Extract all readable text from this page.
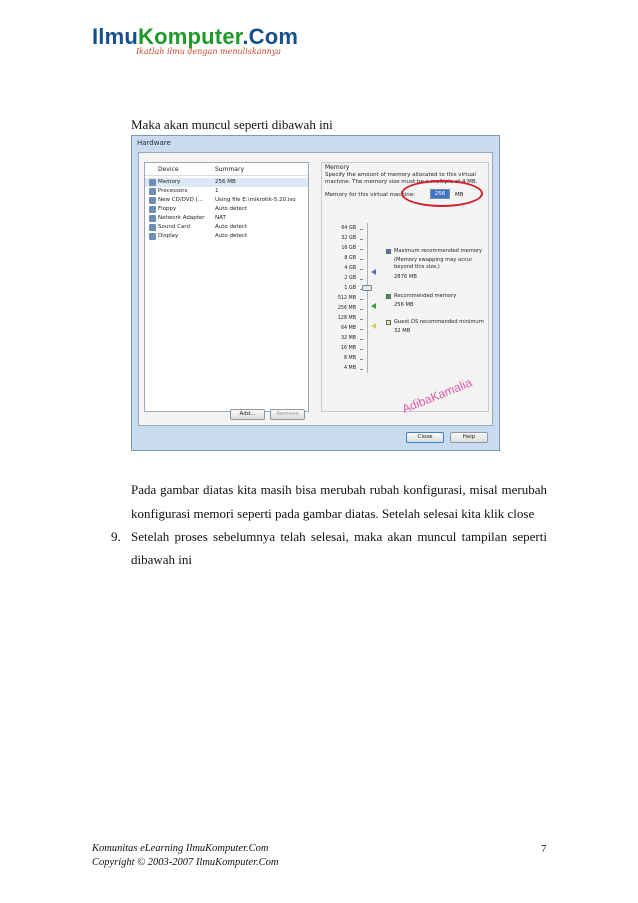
IlmuKomputer.Com
Ikatlah ilmu dengan menuliskannya
Maka akan muncul seperti dibawah ini
Hardware
Device	Summary
Memory	256 MB
Processors	1
New CD/DVD (...	Using file E:\mikrotik-5.20.iso
Floppy	Auto detect
Network Adapter	NAT
Sound Card	Auto detect
Display	Auto detect
Add...	Remove
Memory
Specify the amount of memory allocated to this virtual machine. The memory size must be a multiple of 4 MB.
Memory for this virtual machine:	256	MB
64 GB
32 GB
16 GB
8 GB
4 GB
2 GB
1 GB
512 MB
256 MB
128 MB
64 MB
32 MB
16 MB
8 MB
4 MB
Maximum recommended memory
(Memory swapping may occur beyond this size.)
2876 MB
Recommended memory
256 MB
Guest OS recommended minimum
32 MB
Close	Help
AdibaKamalia
Pada gambar diatas kita masih bisa merubah rubah konfigurasi, misal merubah
konfigurasi memori seperti pada gambar diatas. Setelah selesai kita klik close
9. Setelah proses sebelumnya telah selesai, maka akan muncul tampilan seperti
dibawah ini
Komunitas eLearning IlmuKomputer.Com
Copyright © 2003-2007 IlmuKomputer.Com
7
